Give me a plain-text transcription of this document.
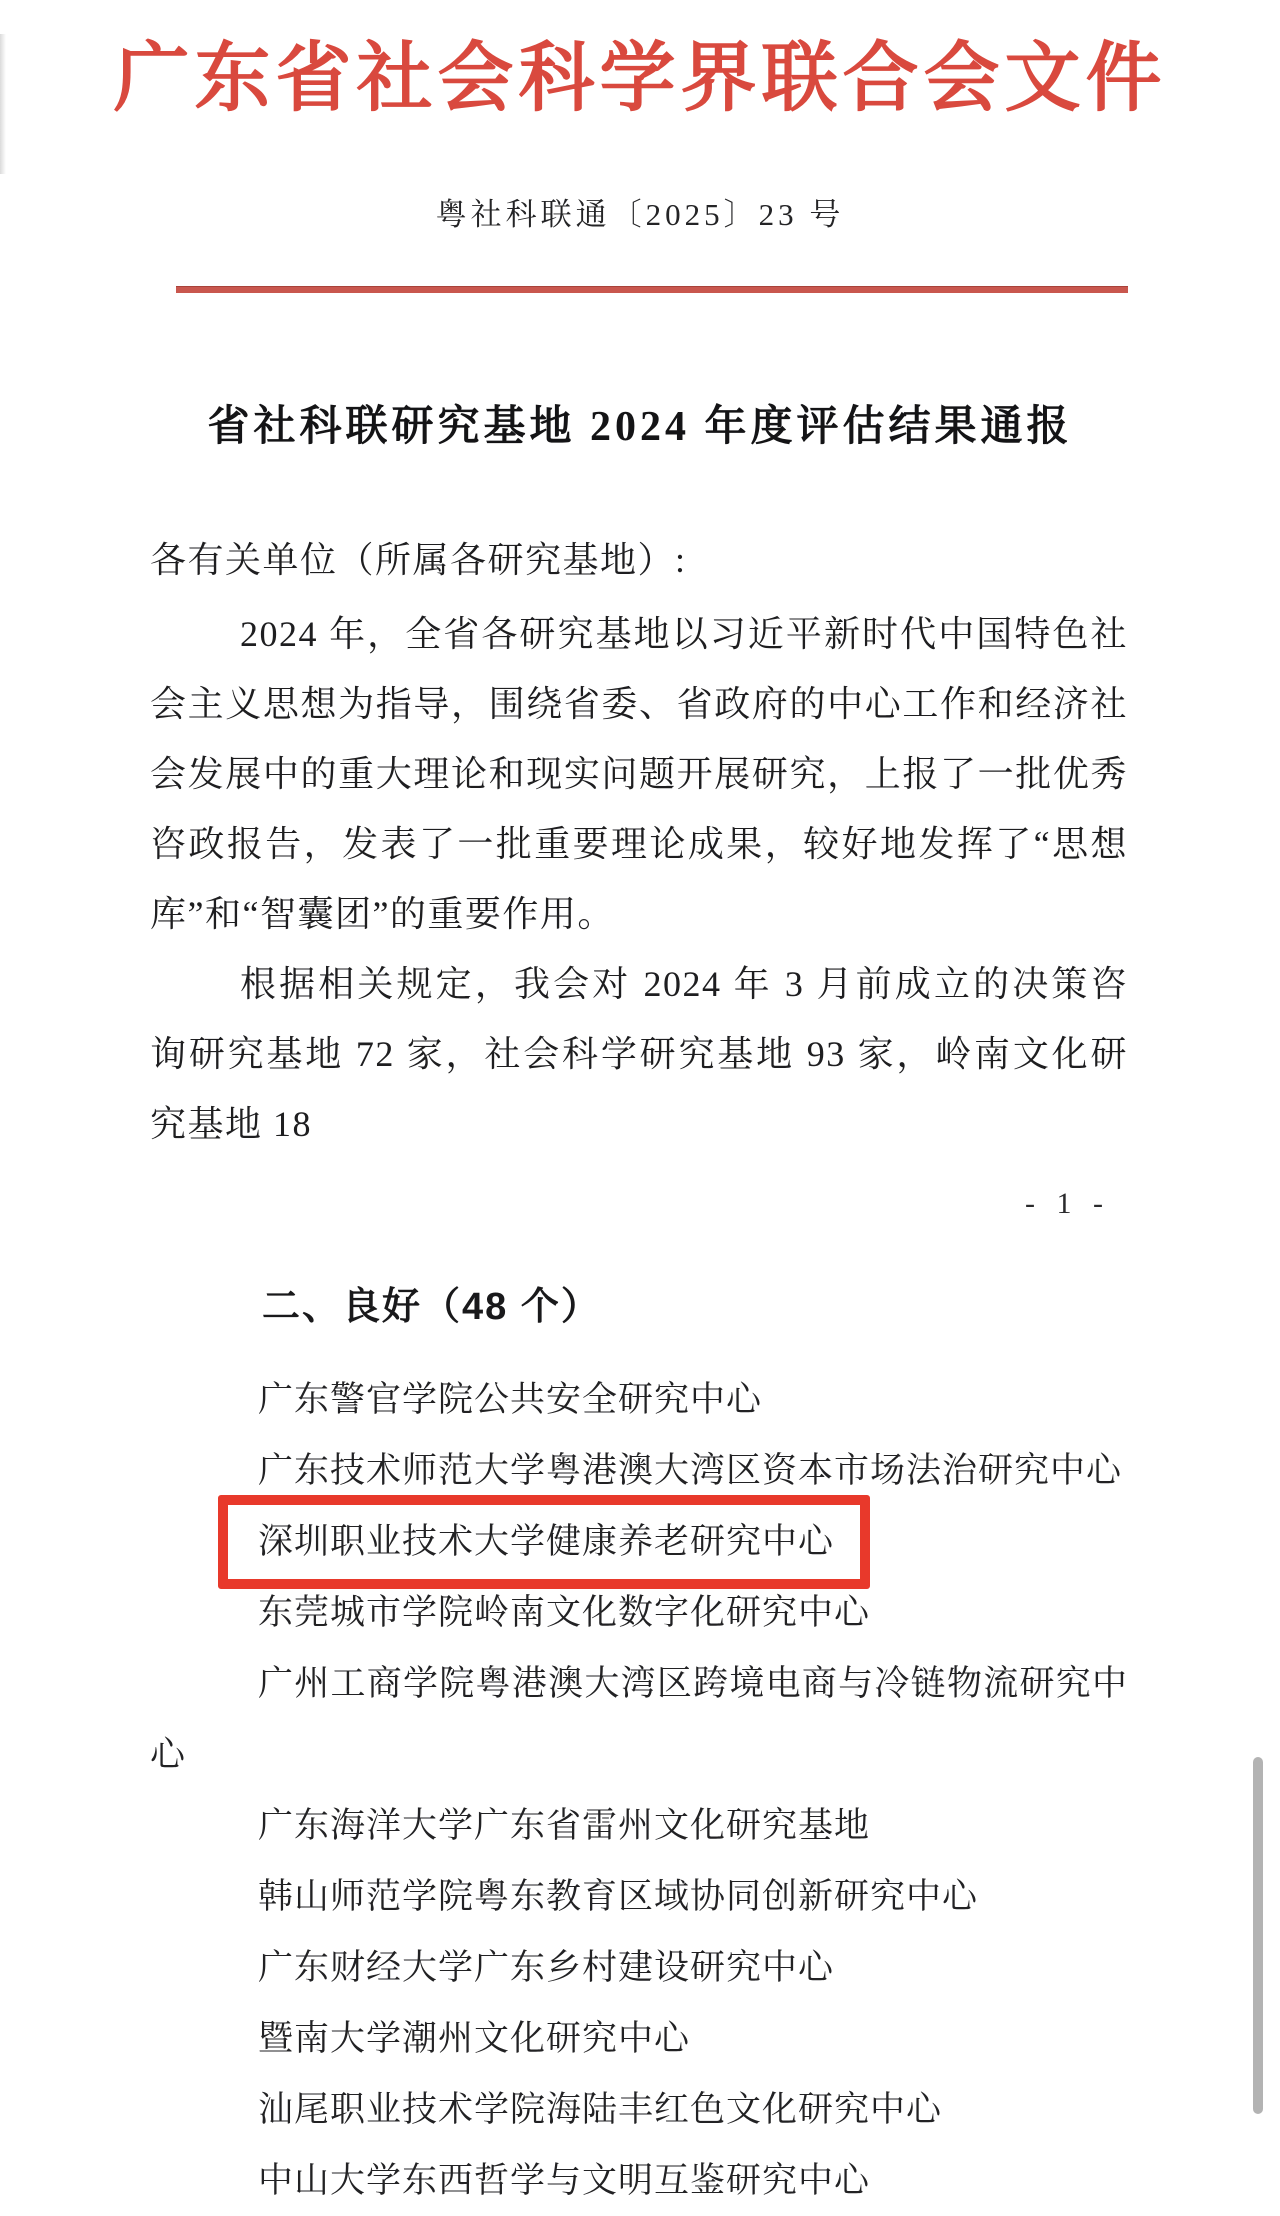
广东省社会科学界联合会文件
粤社科联通〔2025〕23 号
省社科联研究基地 2024 年度评估结果通报

各有关单位（所属各研究基地）:

2024 年，全省各研究基地以习近平新时代中国特色社会主义思想为指导，围绕省委、省政府的中心工作和经济社会发展中的重大理论和现实问题开展研究，上报了一批优秀咨政报告，发表了一批重要理论成果，较好地发挥了“思想库”和“智囊团”的重要作用。

根据相关规定，我会对 2024 年 3 月前成立的决策咨询研究基地 72 家，社会科学研究基地 93 家，岭南文化研究基地 18

- 1 -
二、良好（48 个）

广东警官学院公共安全研究中心

广东技术师范大学粤港澳大湾区资本市场法治研究中心

深圳职业技术大学健康养老研究中心

东莞城市学院岭南文化数字化研究中心

广州工商学院粤港澳大湾区跨境电商与冷链物流研究中心

广东海洋大学广东省雷州文化研究基地

韩山师范学院粤东教育区域协同创新研究中心

广东财经大学广东乡村建设研究中心

暨南大学潮州文化研究中心

汕尾职业技术学院海陆丰红色文化研究中心

中山大学东西哲学与文明互鉴研究中心
